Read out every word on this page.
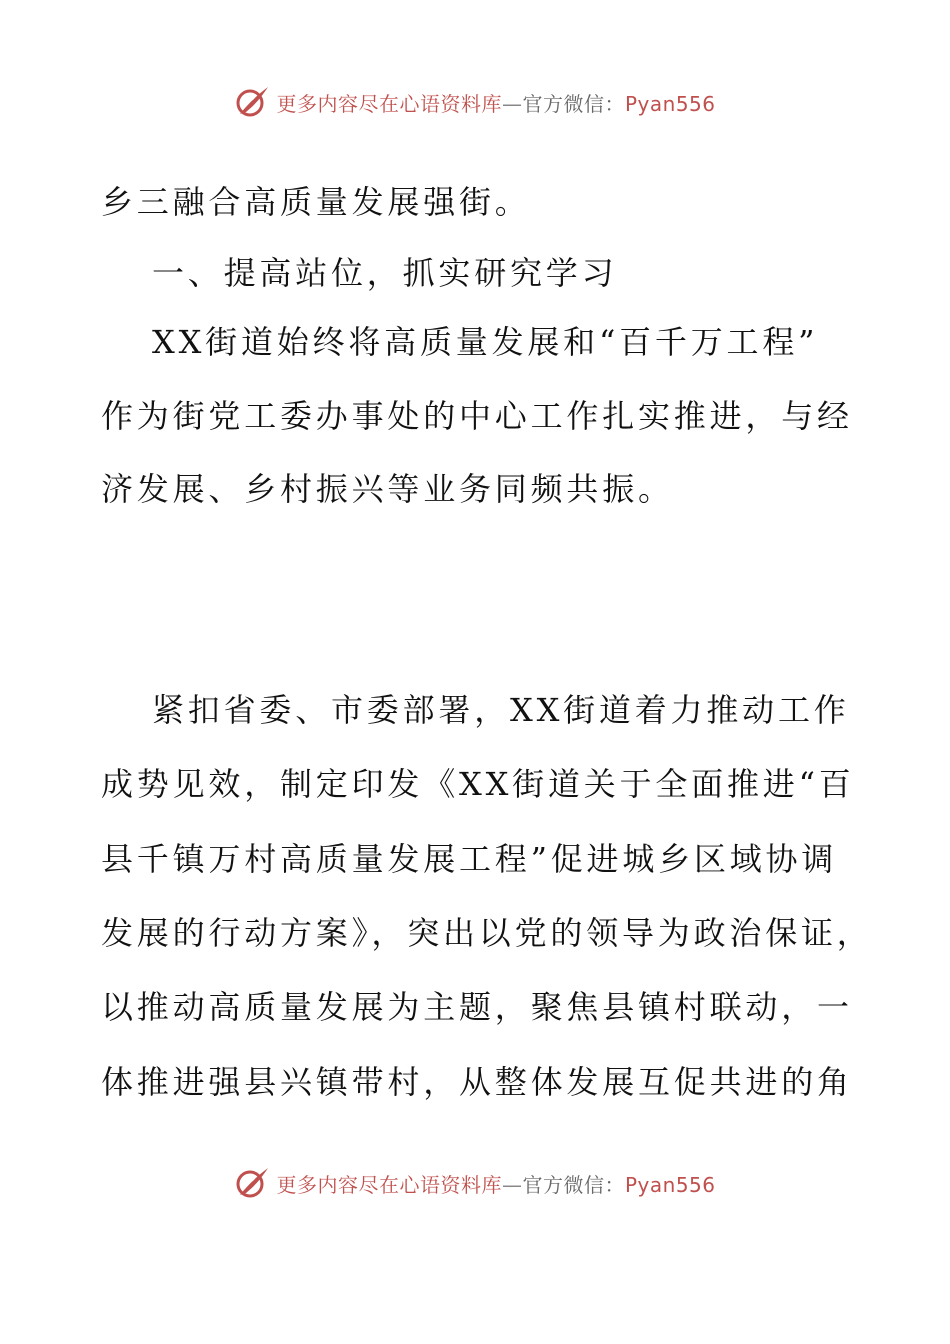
更多内容尽在心语资料库—官方微信：Pyan556
乡三融合高质量发展强街。
一、提高站位，抓实研究学习
XX街道始终将高质量发展和“百千万工程”
作为街党工委办事处的中心工作扎实推进，与经
济发展、乡村振兴等业务同频共振。
紧扣省委、市委部署，XX街道着力推动工作
成势见效，制定印发《XX街道关于全面推进“百
县千镇万村高质量发展工程”促进城乡区域协调
发展的行动方案》，突出以党的领导为政治保证，
以推动高质量发展为主题，聚焦县镇村联动，一
体推进强县兴镇带村，从整体发展互促共进的角
更多内容尽在心语资料库—官方微信：Pyan556
